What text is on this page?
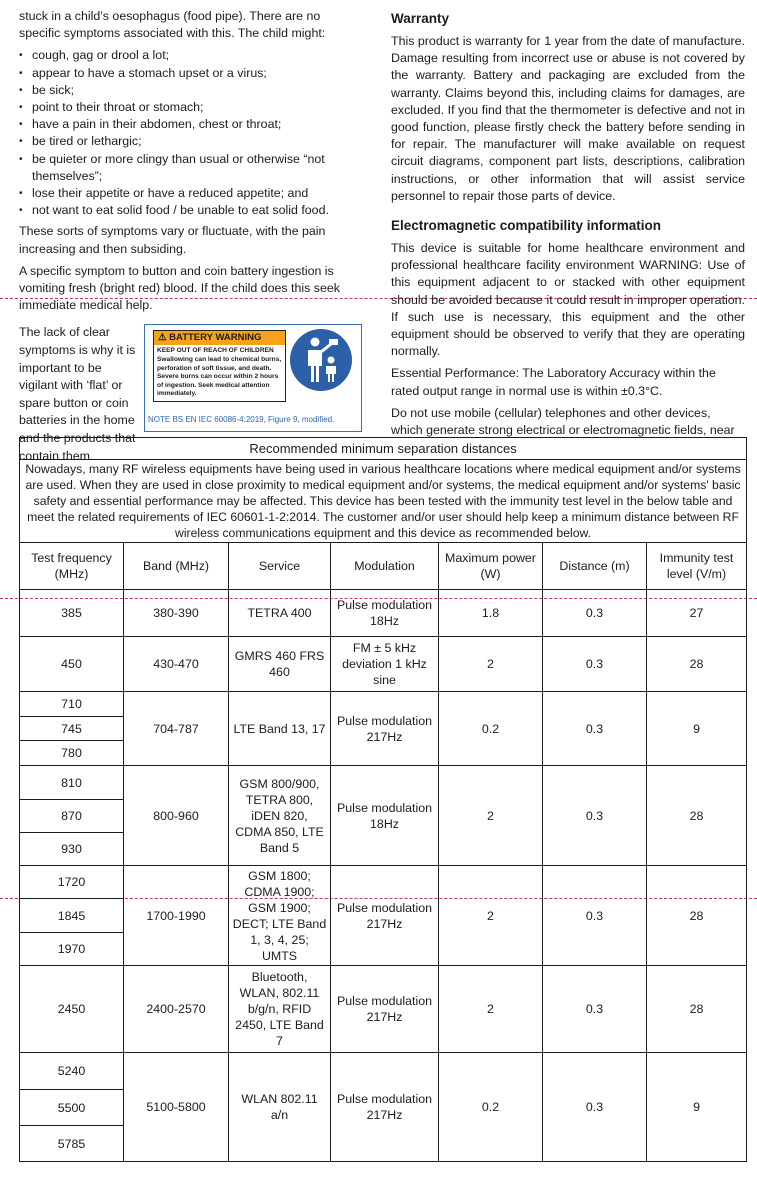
stuck in a child’s oesophagus (food pipe). There are no specific symptoms associated with this. The child might:

• cough, gag or drool a lot;
• appear to have a stomach upset or a virus;
• be sick;
• point to their throat or stomach;
• have a pain in their abdomen, chest or throat;
• be tired or lethargic;
• be quieter or more clingy than usual or otherwise “not themselves”;
• lose their appetite or have a reduced appetite; and
• not want to eat solid food / be unable to eat solid food.

These sorts of symptoms vary or fluctuate, with the pain increasing and then subsiding.

A specific symptom to button and coin battery ingestion is vomiting fresh (bright red) blood. If the child does this seek immediate medical help.

⚠ BATTERY WARNING
KEEP OUT OF REACH OF CHILDREN Swallowing can lead to chemical burns, perforation of soft tissue, and death. Severe burns can occur within 2 hours of ingestion. Seek medical attention immediately.
NOTE BS EN IEC 60086-4:2019, Figure 9, modified.
The lack of clear symptoms is why it is important to be vigilant with ‘flat’ or spare button or coin batteries in the home and the products that contain them.
Warranty

This product is warranty for 1 year from the date of manufacture. Damage resulting from incorrect use or abuse is not covered by the warranty. Battery and packaging are excluded from the warranty. Claims beyond this, including claims for damages, are excluded. If you find that the thermometer is defective and not in good function, please firstly check the battery before sending in for repair. The manufacturer will make available on request circuit diagrams, component part lists, descriptions, calibration instructions, or other information that will assist service personnel to repair those parts of device.

Electromagnetic compatibility information

This device is suitable for home healthcare environment and professional healthcare facility environment WARNING: Use of this equipment adjacent to or stacked with other equipment should be avoided because it could result in improper operation. If such use is necessary, this equipment and the other equipment should be observed to verify that they are operating normally.

Essential Performance: The Laboratory Accuracy within the rated output range in normal use is within ±0.3°C.

Do not use mobile (cellular) telephones and other devices, which generate strong electrical or electromagnetic fields, near

Recommended minimum separation distances						
Nowadays, many RF wireless equipments have being used in various healthcare locations where medical equipment and/or systems are used. When they are used in close proximity to medical equipment and/or systems, the medical equipment and/or systems' basic safety and essential performance may be affected. This device has been tested with the immunity test level in the below table and meet the related requirements of IEC 60601-1-2:2014. The customer and/or user should help keep a minimum distance between RF wireless communications equipment and this device as recommended below.						
Test frequency (MHz)	Band (MHz)	Service	Modulation	Maximum power (W)	Distance (m)	Immunity test level (V/m)
385	380-390	TETRA 400	Pulse modulation 18Hz	1.8	0.3	27
450	430-470	GMRS 460 FRS 460	FM ± 5 kHz deviation 1 kHz sine	2	0.3	28
710	704-787	LTE Band 13, 17	Pulse modulation 217Hz	0.2	0.3	9
745						
780						
810	800-960	GSM 800/900, TETRA 800, iDEN 820, CDMA 850, LTE Band 5	Pulse modulation 18Hz	2	0.3	28
870						
930						
1720	1700-1990	GSM 1800; CDMA 1900; GSM 1900; DECT; LTE Band 1, 3, 4, 25; UMTS	Pulse modulation 217Hz	2	0.3	28
1845						
1970						
2450	2400-2570	Bluetooth, WLAN, 802.11 b/g/n, RFID 2450, LTE Band 7	Pulse modulation 217Hz	2	0.3	28
5240	5100-5800	WLAN 802.11 a/n	Pulse modulation 217Hz	0.2	0.3	9
5500						
5785						
